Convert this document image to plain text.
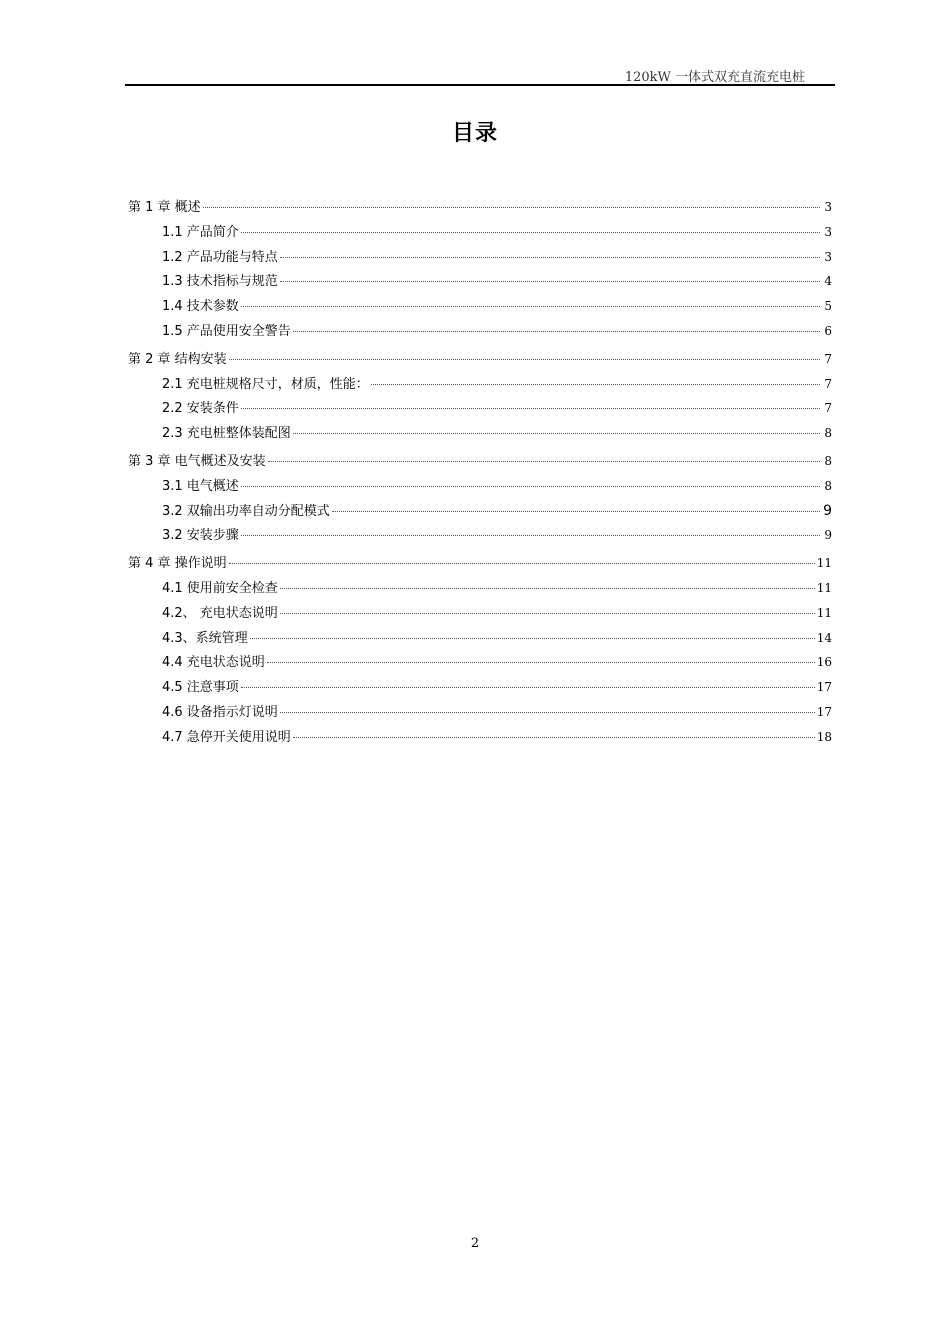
120kW 一体式双充直流充电桩
目录
第 1 章 概述	3
1.1 产品简介	3
1.2 产品功能与特点	3
1.3 技术指标与规范	4
1.4 技术参数	5
1.5 产品使用安全警告	6
第 2 章 结构安装	7
2.1 充电桩规格尺寸，材质，性能：	7
2.2 安装条件	7
2.3 充电桩整体装配图	8
第 3 章 电气概述及安装	8
3.1 电气概述	8
3.2 双输出功率自动分配模式	9
3.2 安装步骤	9
第 4 章 操作说明	11
4.1 使用前安全检查	11
4.2、 充电状态说明	11
4.3、系统管理	14
4.4 充电状态说明	16
4.5 注意事项	17
4.6 设备指示灯说明	17
4.7 急停开关使用说明	18
2
